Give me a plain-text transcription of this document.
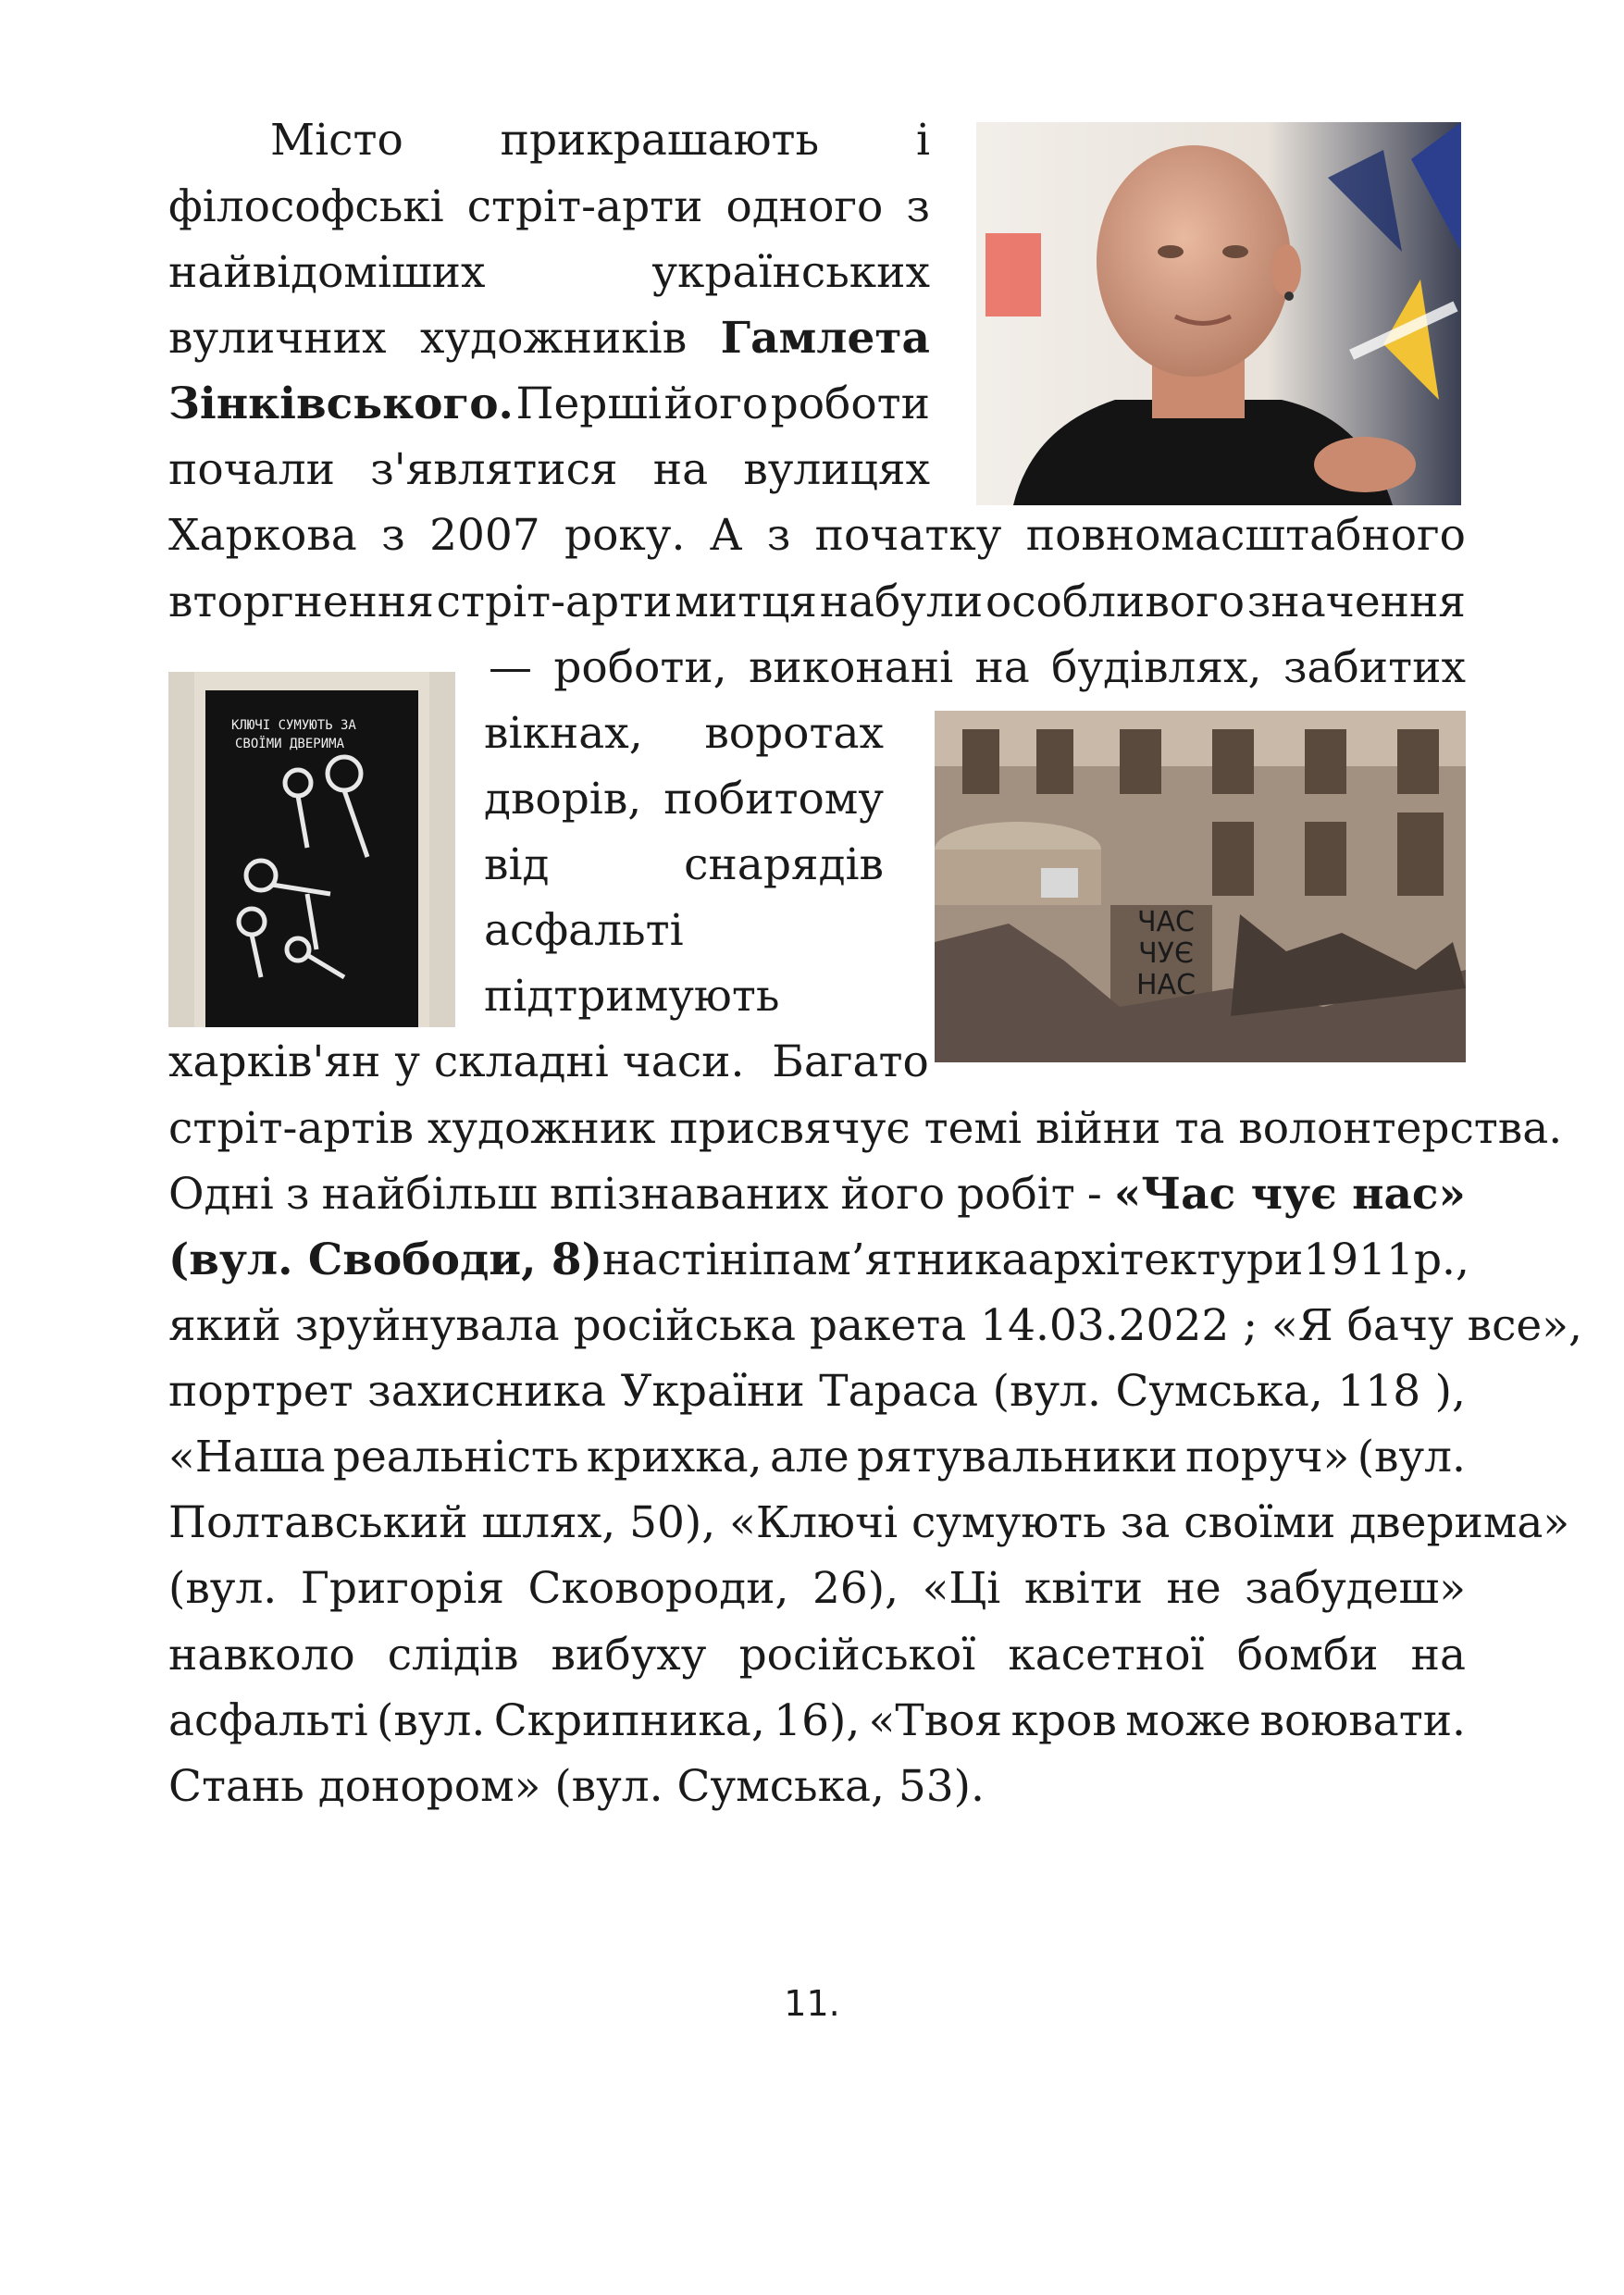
Місто прикрашають і
філософські стріт-арти одного з
найвідоміших	українських
вуличних художників Гамлета
Зінківського. Перші його роботи
почали з'являтися на вулицях
Харкова з 2007 року. А з початку повномасштабного
вторгнення стріт-арти митця набули особливого значення
— роботи, виконані на будівлях, забитих
вікнах, воротах
дворів, побитому
від	снарядів
асфальті
підтримують
харків'ян у складні часи.  Багато
стріт-артів художник присвячує темі війни та волонтерства.
Одні з найбільш впізнаваних його робіт - «Час чує нас»
(вул. Свободи, 8) на стіні пам’ятника архітектури 1911 р.,
який зруйнувала російська ракета 14.03.2022 ; «Я бачу все»,
портрет захисника України Тараса (вул. Сумська, 118 ),
«Наша реальність крихка, але рятувальники поруч» (вул.
Полтавський шлях, 50), «Ключі сумують за своїми дверима»
(вул. Григорія Сковороди, 26), «Ці квіти не забудеш»
навколо слідів вибуху російської касетної бомби на
асфальті (вул. Скрипника, 16), «Твоя кров може воювати.
Стань донором» (вул. Сумська, 53).
КЛЮЧІ СУМУЮТЬ ЗА
СВОЇМИ ДВЕРИМА
ЧАС
ЧУЄ
НАС
11.
